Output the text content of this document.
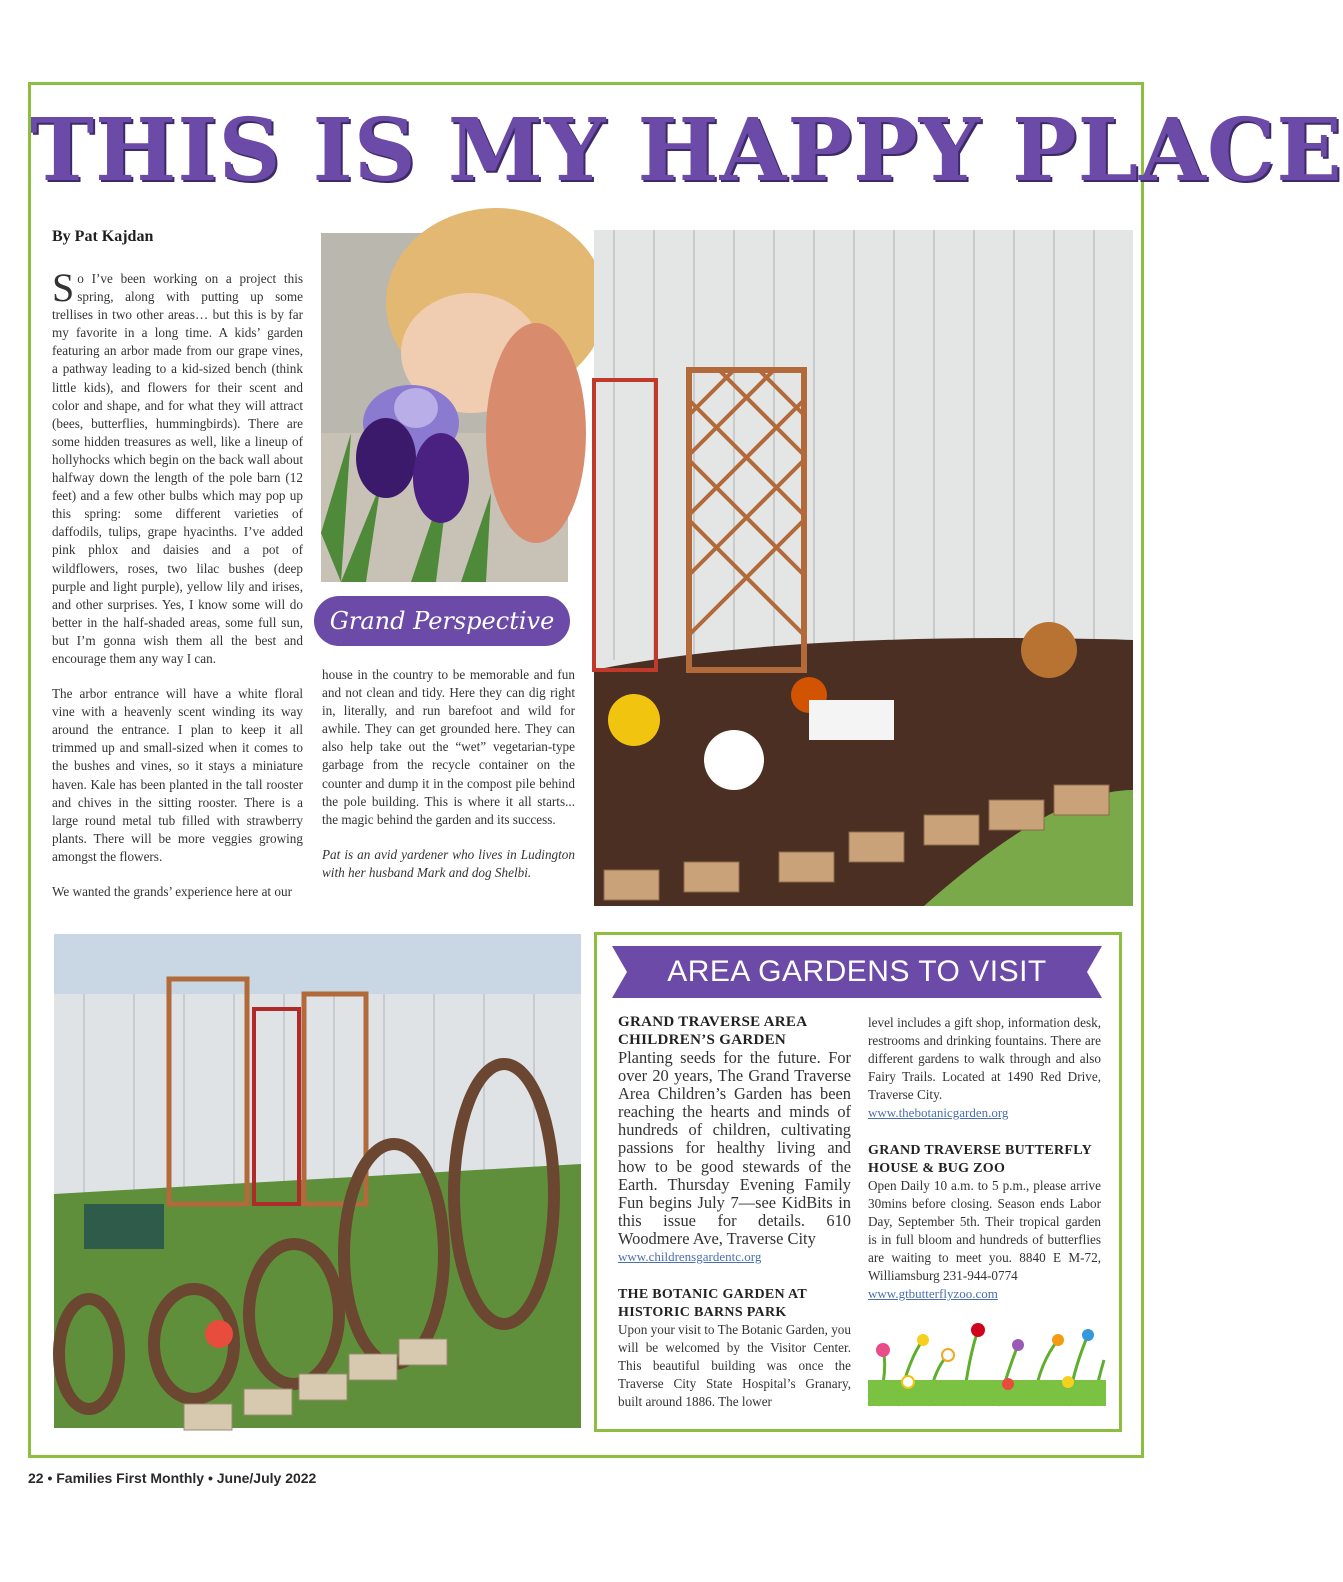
THIS IS MY HAPPY PLACE
By Pat Kajdan

So I’ve been working on a project this spring, along with putting up some trellises in two other areas… but this is by far my favorite in a long time. A kids’ garden featuring an arbor made from our grape vines, a pathway leading to a kid-sized bench (think little kids), and flowers for their scent and color and shape, and for what they will attract (bees, butterflies, hummingbirds). There are some hidden treasures as well, like a lineup of hollyhocks which begin on the back wall about halfway down the length of the pole barn (12 feet) and a few other bulbs which may pop up this spring: some different varieties of daffodils, tulips, grape hyacinths. I’ve added pink phlox and daisies and a pot of wildflowers, roses, two lilac bushes (deep purple and light purple), yellow lily and irises, and other surprises. Yes, I know some will do better in the half-shaded areas, some full sun, but I’m gonna wish them all the best and encourage them any way I can.

The arbor entrance will have a white floral vine with a heavenly scent winding its way around the entrance. I plan to keep it all trimmed up and small-sized when it comes to the bushes and vines, so it stays a miniature haven. Kale has been planted in the tall rooster and chives in the sitting rooster. There is a large round metal tub filled with strawberry plants. There will be more veggies growing amongst the flowers.

We wanted the grands’ experience here at our

Grand Perspective

house in the country to be memorable and fun and not clean and tidy. Here they can dig right in, literally, and run barefoot and wild for awhile. They can get grounded here. They can also help take out the “wet” vegetarian-type garbage from the recycle container on the counter and dump it in the compost pile behind the pole building. This is where it all starts... the magic behind the garden and its success.

Pat is an avid yardener who lives in Ludington with her husband Mark and dog Shelbi.

AREA GARDENS TO VISIT
GRAND TRAVERSE AREA CHILDREN’S GARDEN
Planting seeds for the future. For over 20 years, The Grand Traverse Area Children’s Garden has been reaching the hearts and minds of hundreds of children, cultivating passions for healthy living and how to be good stewards of the Earth. Thursday Evening Family Fun begins July 7—see KidBits in this issue for details. 610 Woodmere Ave, Traverse City
www.childrensgardentc.org
THE BOTANIC GARDEN AT HISTORIC BARNS PARK
Upon your visit to The Botanic Garden, you will be welcomed by the Visitor Center. This beautiful building was once the Traverse City State Hospital’s Granary, built around 1886. The lower
level includes a gift shop, information desk, restrooms and drinking fountains. There are different gardens to walk through and also Fairy Trails. Located at 1490 Red Drive, Traverse City.
www.thebotanicgarden.org
GRAND TRAVERSE BUTTERFLY HOUSE & BUG ZOO
Open Daily 10 a.m. to 5 p.m., please arrive 30mins before closing. Season ends Labor Day, September 5th. Their tropical garden is in full bloom and hundreds of butterflies are waiting to meet you. 8840 E M-72, Williamsburg 231-944-0774
www.gtbutterflyzoo.com
22 • Families First Monthly • June/July 2022
